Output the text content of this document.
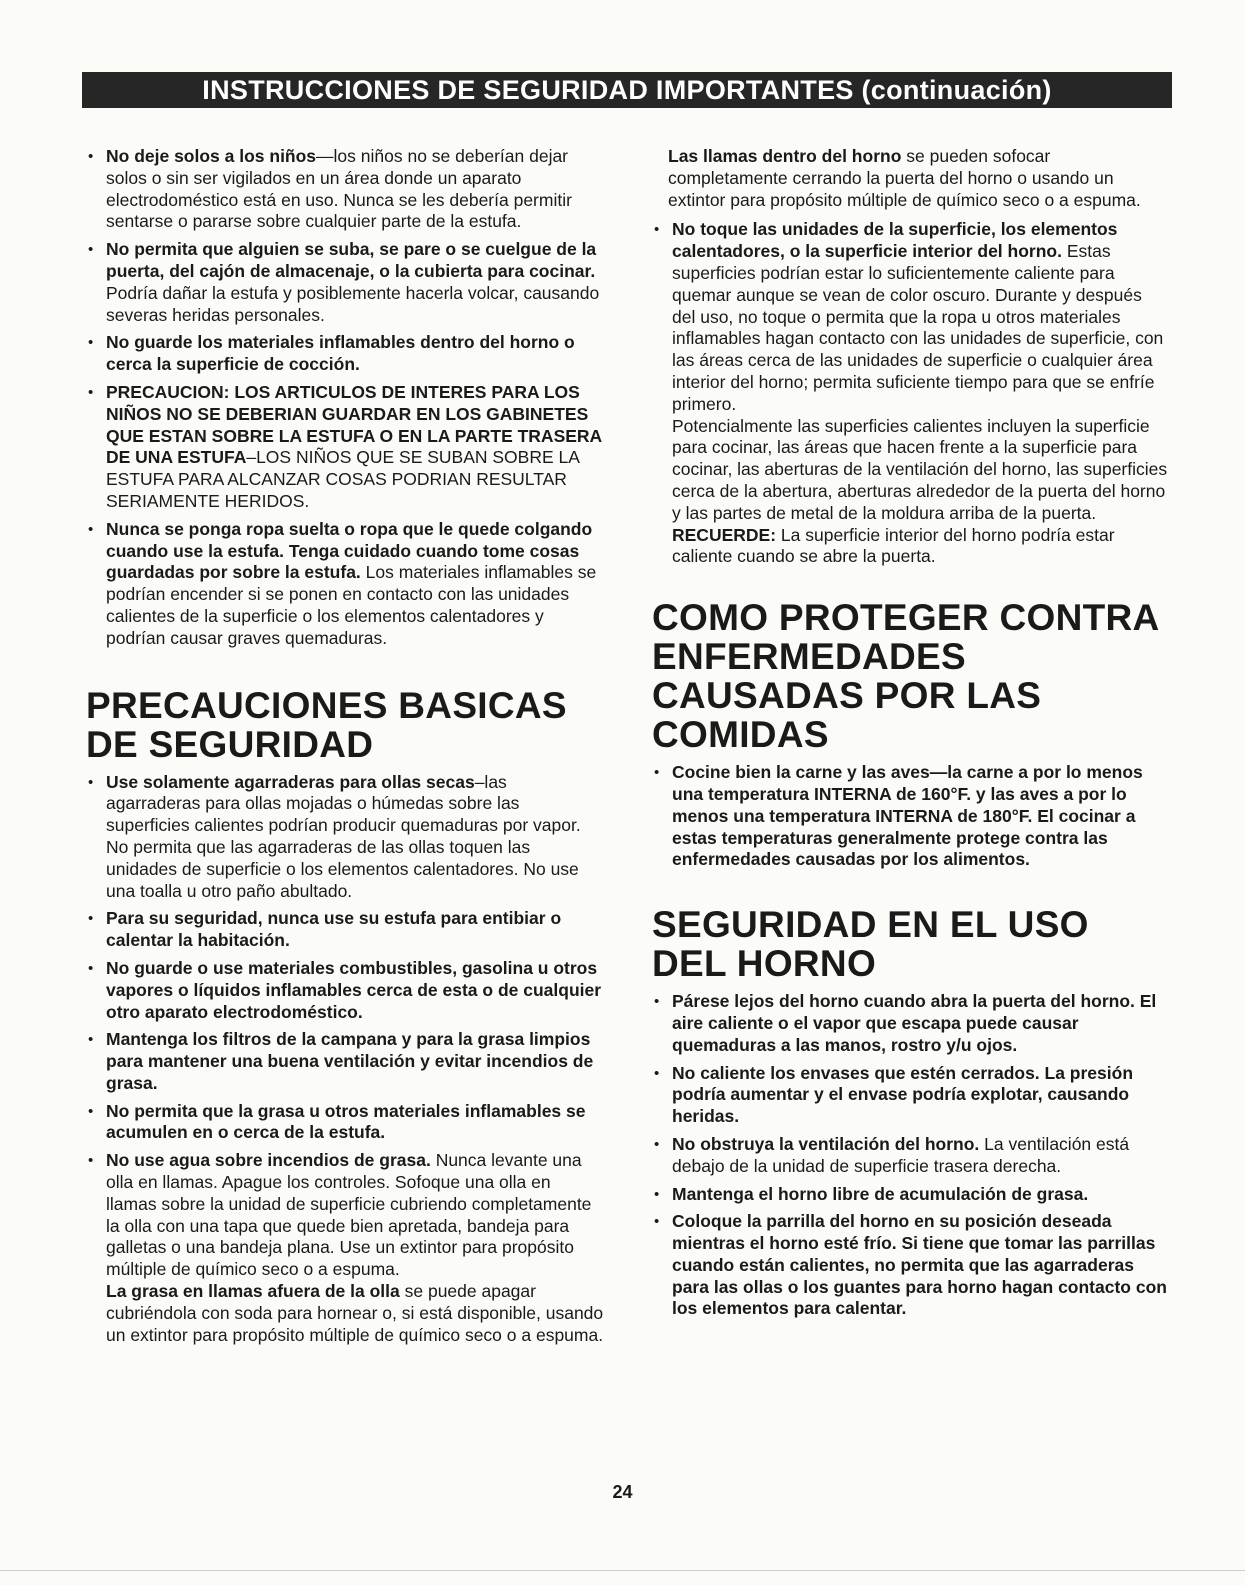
INSTRUCCIONES DE SEGURIDAD IMPORTANTES (continuación)
• No deje solos a los niños—los niños no se deberían dejar solos o sin ser vigilados en un área donde un aparato electrodoméstico está en uso. Nunca se les debería permitir sentarse o pararse sobre cualquier parte de la estufa.
• No permita que alguien se suba, se pare o se cuelgue de la puerta, del cajón de almacenaje, o la cubierta para cocinar. Podría dañar la estufa y posiblemente hacerla volcar, causando severas heridas personales.
• No guarde los materiales inflamables dentro del horno o cerca la superficie de cocción.
• PRECAUCION: LOS ARTICULOS DE INTERES PARA LOS NIÑOS NO SE DEBERIAN GUARDAR EN LOS GABINETES QUE ESTAN SOBRE LA ESTUFA O EN LA PARTE TRASERA DE UNA ESTUFA–LOS NIÑOS QUE SE SUBAN SOBRE LA ESTUFA PARA ALCANZAR COSAS PODRIAN RESULTAR SERIAMENTE HERIDOS.
• Nunca se ponga ropa suelta o ropa que le quede colgando cuando use la estufa. Tenga cuidado cuando tome cosas guardadas por sobre la estufa. Los materiales inflamables se podrían encender si se ponen en contacto con las unidades calientes de la superficie o los elementos calentadores y podrían causar graves quemaduras.
PRECAUCIONES BASICAS
DE SEGURIDAD
• Use solamente agarraderas para ollas secas–las agarraderas para ollas mojadas o húmedas sobre las superficies calientes podrían producir quemaduras por vapor. No permita que las agarraderas de las ollas toquen las unidades de superficie o los elementos calentadores. No use una toalla u otro paño abultado.
• Para su seguridad, nunca use su estufa para entibiar o calentar la habitación.
• No guarde o use materiales combustibles, gasolina u otros vapores o líquidos inflamables cerca de esta o de cualquier otro aparato electrodoméstico.
• Mantenga los filtros de la campana y para la grasa limpios para mantener una buena ventilación y evitar incendios de grasa.
• No permita que la grasa u otros materiales inflamables se acumulen en o cerca de la estufa.
• No use agua sobre incendios de grasa. Nunca levante una olla en llamas. Apague los controles. Sofoque una olla en llamas sobre la unidad de superficie cubriendo completamente la olla con una tapa que quede bien apretada, bandeja para galletas o una bandeja plana. Use un extintor para propósito múltiple de químico seco o a espuma.

La grasa en llamas afuera de la olla se puede apagar cubriéndola con soda para hornear o, si está disponible, usando un extintor para propósito múltiple de químico seco o a espuma.

Las llamas dentro del horno se pueden sofocar completamente cerrando la puerta del horno o usando un extintor para propósito múltiple de químico seco o a espuma.

• No toque las unidades de la superficie, los elementos calentadores, o la superficie interior del horno. Estas superficies podrían estar lo suficientemente caliente para quemar aunque se vean de color oscuro. Durante y después del uso, no toque o permita que la ropa u otros materiales inflamables hagan contacto con las unidades de superficie, con las áreas cerca de las unidades de superficie o cualquier área interior del horno; permita suficiente tiempo para que se enfríe primero.

Potencialmente las superficies calientes incluyen la superficie para cocinar, las áreas que hacen frente a la superficie para cocinar, las aberturas de la ventilación del horno, las superficies cerca de la abertura, aberturas alrededor de la puerta del horno y las partes de metal de la moldura arriba de la puerta.

RECUERDE: La superficie interior del horno podría estar caliente cuando se abre la puerta.

COMO PROTEGER CONTRA
ENFERMEDADES
CAUSADAS POR LAS
COMIDAS
• Cocine bien la carne y las aves—la carne a por lo menos una temperatura INTERNA de 160°F. y las aves a por lo menos una temperatura INTERNA de 180°F. El cocinar a estas temperaturas generalmente protege contra las enfermedades causadas por los alimentos.
SEGURIDAD EN EL USO
DEL HORNO
• Párese lejos del horno cuando abra la puerta del horno. El aire caliente o el vapor que escapa puede causar quemaduras a las manos, rostro y/u ojos.
• No caliente los envases que estén cerrados. La presión podría aumentar y el envase podría explotar, causando heridas.
• No obstruya la ventilación del horno. La ventilación está debajo de la unidad de superficie trasera derecha.
• Mantenga el horno libre de acumulación de grasa.
• Coloque la parrilla del horno en su posición deseada mientras el horno esté frío. Si tiene que tomar las parrillas cuando están calientes, no permita que las agarraderas para las ollas o los guantes para horno hagan contacto con los elementos para calentar.
24
